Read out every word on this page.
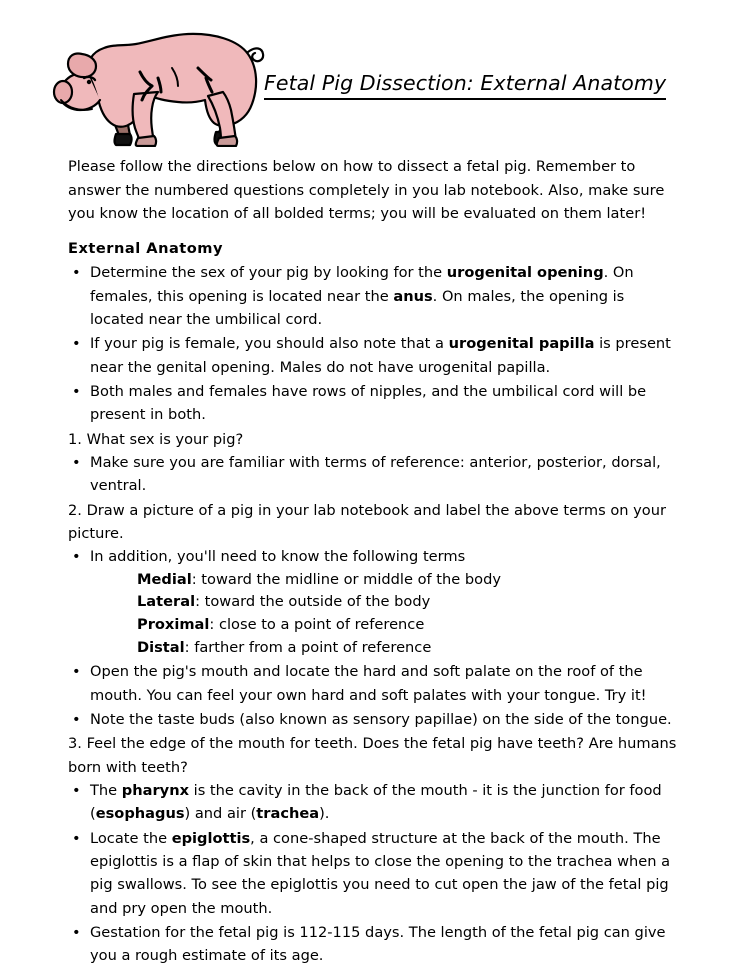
Fetal Pig Dissection: External Anatomy

Please follow the directions below on how to dissect a fetal pig. Remember to answer the numbered questions completely in you lab notebook. Also, make sure you know the location of all bolded terms; you will be evaluated on them later!

External Anatomy
• Determine the sex of your pig by looking for the urogenital opening. On females, this opening is located near the anus. On males, the opening is located near the umbilical cord.
• If your pig is female, you should also note that a urogenital papilla is present near the genital opening. Males do not have urogenital papilla.
• Both males and females have rows of nipples, and the umbilical cord will be present in both.

1. What sex is your pig?

• Make sure you are familiar with terms of reference: anterior, posterior, dorsal, ventral.

2. Draw a picture of a pig in your lab notebook and label the above terms on your picture.

• In addition, you'll need to know the following terms
Medial: toward the midline or middle of the body
Lateral: toward the outside of the body
Proximal: close to a point of reference
Distal: farther from a point of reference
• Open the pig's mouth and locate the hard and soft palate on the roof of the mouth. You can feel your own hard and soft palates with your tongue. Try it!
• Note the taste buds (also known as sensory papillae) on the side of the tongue.

3. Feel the edge of the mouth for teeth. Does the fetal pig have teeth? Are humans born with teeth?

• The pharynx is the cavity in the back of the mouth - it is the junction for food (esophagus) and air (trachea).
• Locate the epiglottis, a cone-shaped structure at the back of the mouth. The epiglottis is a flap of skin that helps to close the opening to the trachea when a pig swallows. To see the epiglottis you need to cut open the jaw of the fetal pig and pry open the mouth.
• Gestation for the fetal pig is 112-115 days. The length of the fetal pig can give you a rough estimate of its age.
